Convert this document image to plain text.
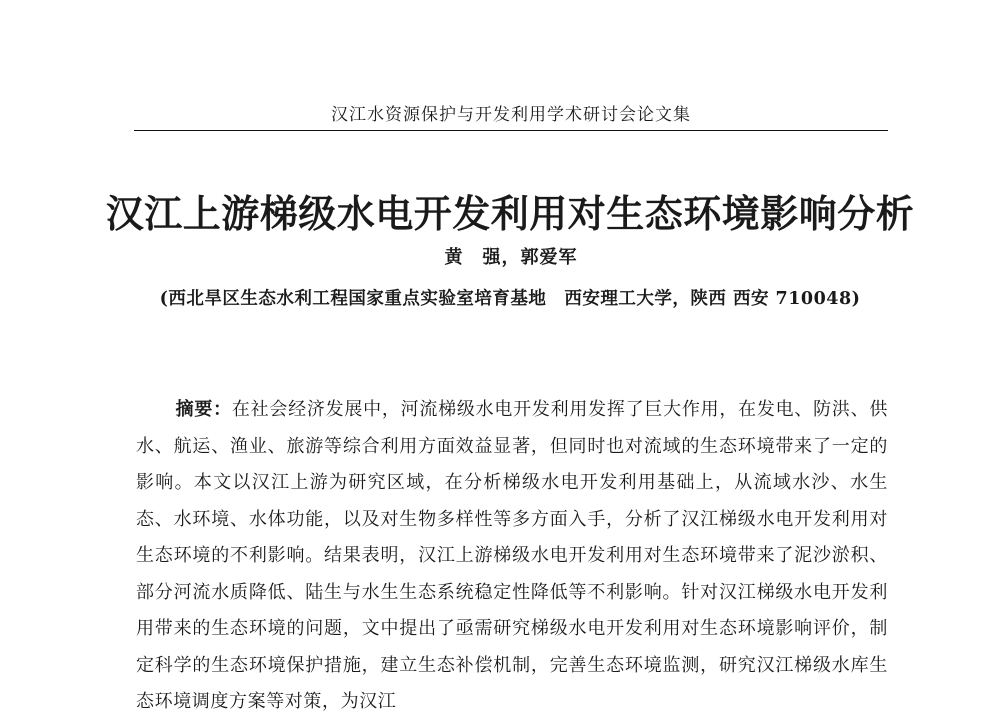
汉江水资源保护与开发利用学术研讨会论文集
汉江上游梯级水电开发利用对生态环境影响分析
黄　强，郭爱军
(西北旱区生态水利工程国家重点实验室培育基地　西安理工大学，陕西 西安 710048)

摘要：在社会经济发展中，河流梯级水电开发利用发挥了巨大作用，在发电、防洪、供水、航运、渔业、旅游等综合利用方面效益显著，但同时也对流域的生态环境带来了一定的影响。本文以汉江上游为研究区域，在分析梯级水电开发利用基础上，从流域水沙、水生态、水环境、水体功能，以及对生物多样性等多方面入手，分析了汉江梯级水电开发利用对生态环境的不利影响。结果表明，汉江上游梯级水电开发利用对生态环境带来了泥沙淤积、部分河流水质降低、陆生与水生生态系统稳定性降低等不利影响。针对汉江梯级水电开发利用带来的生态环境的问题，文中提出了亟需研究梯级水电开发利用对生态环境影响评价，制定科学的生态环境保护措施，建立生态补偿机制，完善生态环境监测，研究汉江梯级水库生态环境调度方案等对策，为汉江
